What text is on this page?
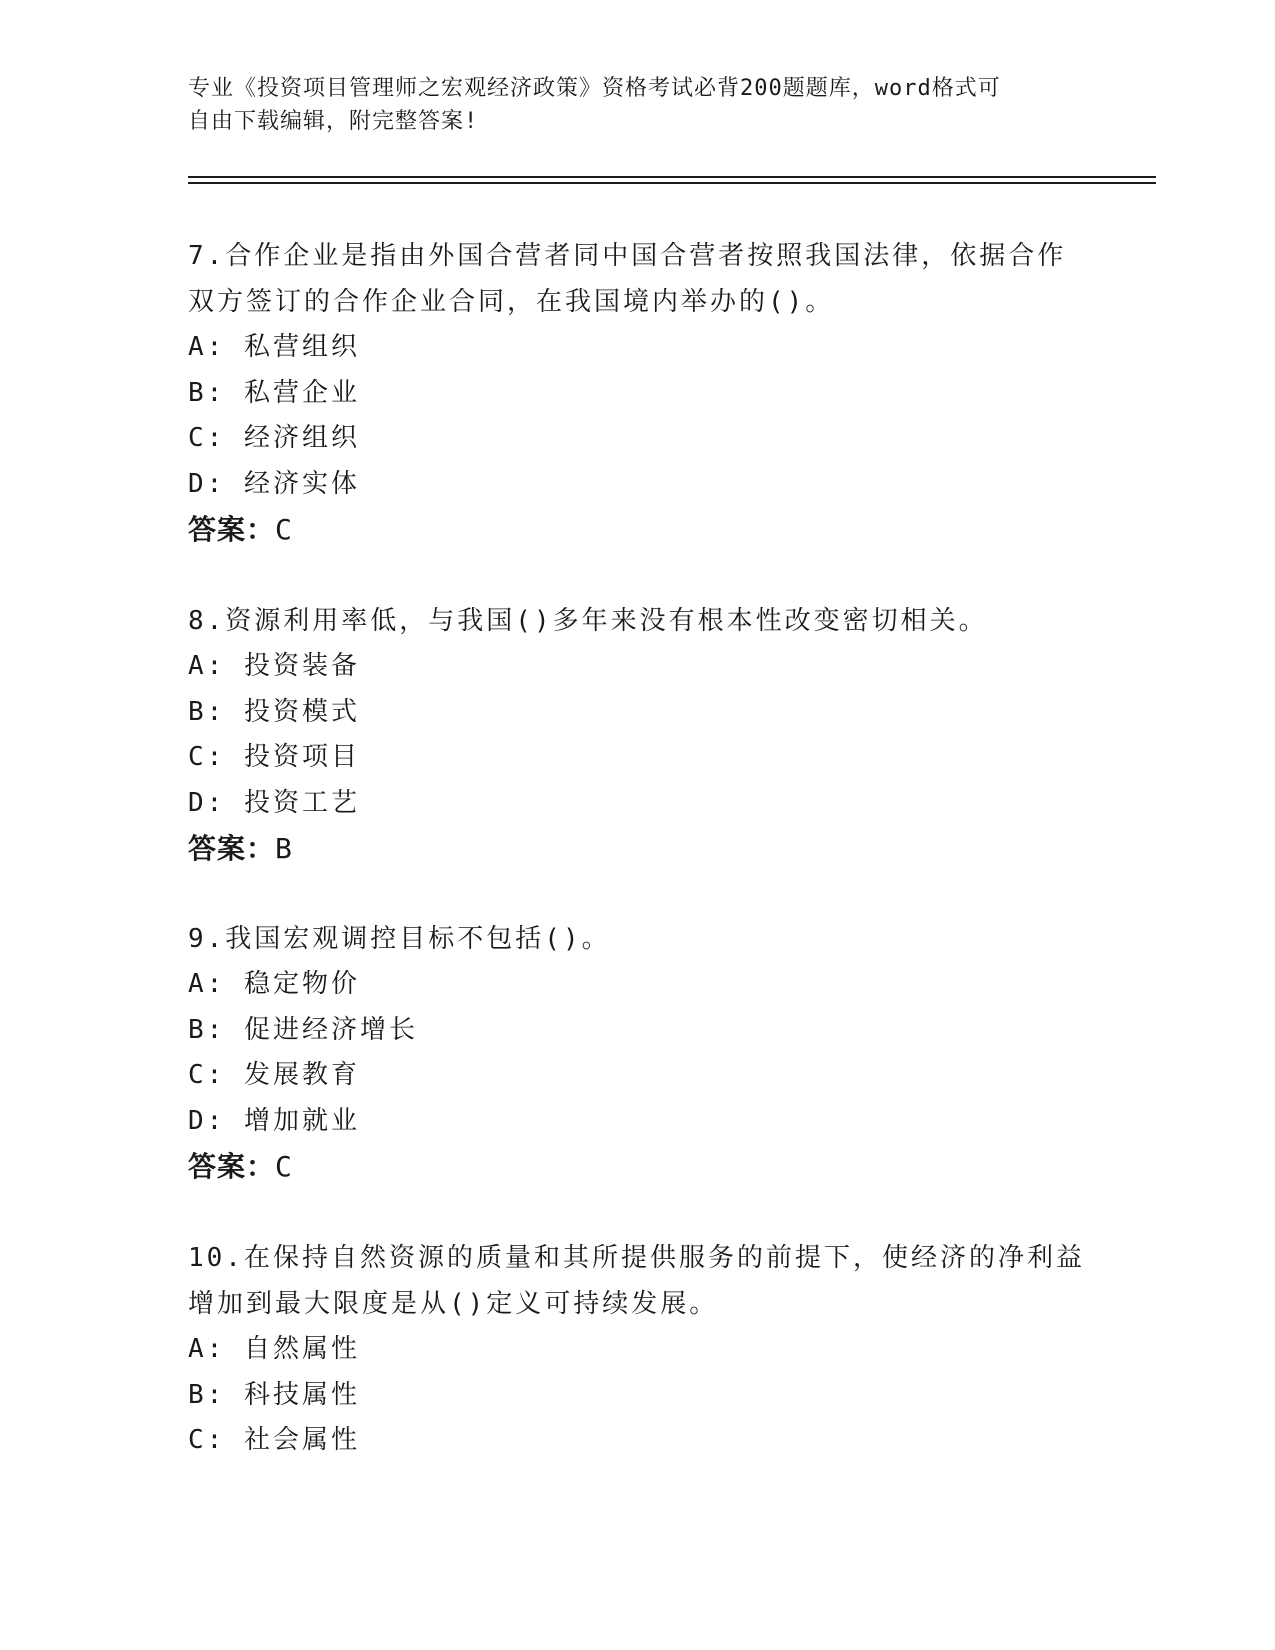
专业《投资项目管理师之宏观经济政策》资格考试必背200题题库，word格式可
自由下载编辑，附完整答案!

7.合作企业是指由外国合营者同中国合营者按照我国法律，依据合作

双方签订的合作企业合同，在我国境内举办的()。

A: 私营组织

B: 私营企业

C: 经济组织

D: 经济实体

答案：C

8.资源利用率低，与我国()多年来没有根本性改变密切相关。

A: 投资装备

B: 投资模式

C: 投资项目

D: 投资工艺

答案：B

9.我国宏观调控目标不包括()。

A: 稳定物价

B: 促进经济增长

C: 发展教育

D: 增加就业

答案：C

10.在保持自然资源的质量和其所提供服务的前提下，使经济的净利益

增加到最大限度是从()定义可持续发展。

A: 自然属性

B: 科技属性

C: 社会属性
